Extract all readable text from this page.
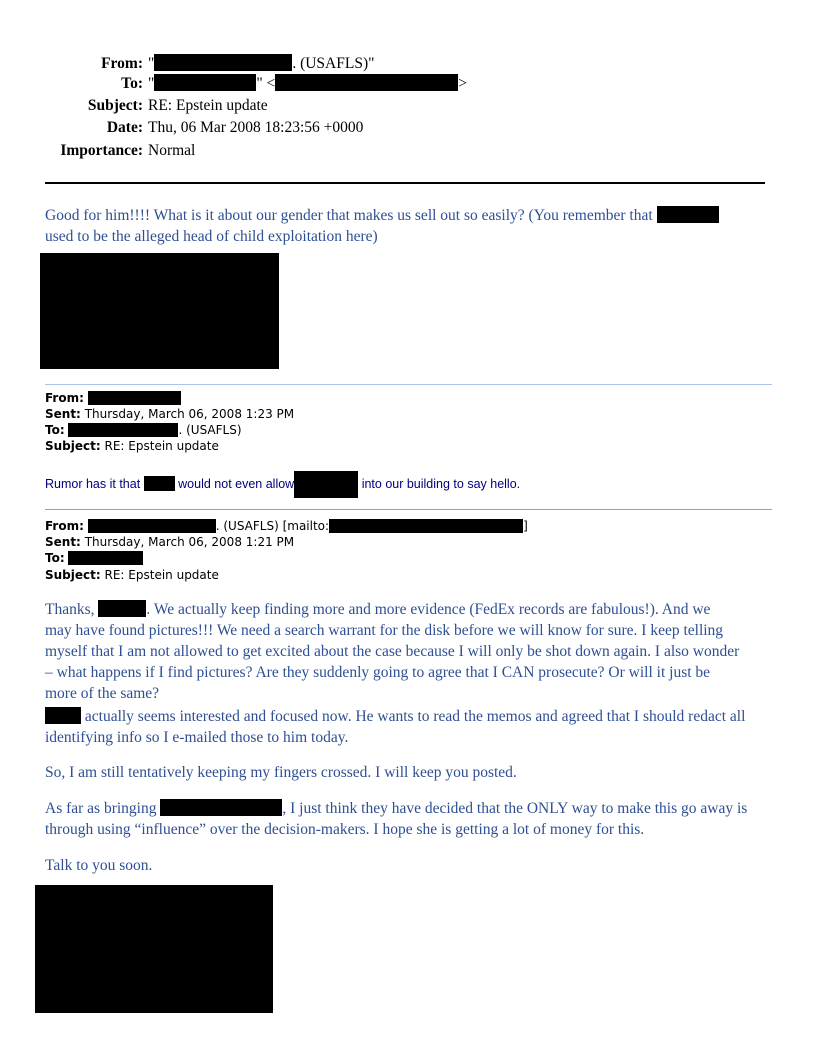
From: "	. (USAFLS)"
To: "	" <	>
Subject: RE: Epstein update
Date: Thu, 06 Mar 2008 18:23:56 +0000
Importance: Normal

Good for him!!!! What is it about our gender that makes us sell out so easily? (You remember that

used to be the alleged head of child exploitation here)

From:
Sent: Thursday, March 06, 2008 1:23 PM
To:	. (USAFLS)
Subject: RE: Epstein update
Rumor has it that	would not even allow	into our building to say hello.
From:	. (USAFLS) [mailto:	]
Sent: Thursday, March 06, 2008 1:21 PM
To:
Subject: RE: Epstein update

Thanks,	. We actually keep finding more and more evidence (FedEx records are fabulous!). And we

may have found pictures!!! We need a search warrant for the disk before we will know for sure. I keep telling

myself that I am not allowed to get excited about the case because I will only be shot down again. I also wonder

– what happens if I find pictures? Are they suddenly going to agree that I CAN prosecute? Or will it just be

more of the same?

actually seems interested and focused now. He wants to read the memos and agreed that I should redact all

identifying info so I e-mailed those to him today.

So, I am still tentatively keeping my fingers crossed. I will keep you posted.

As far as bringing	, I just think they have decided that the ONLY way to make this go away is

through using “influence” over the decision-makers. I hope she is getting a lot of money for this.

Talk to you soon.
